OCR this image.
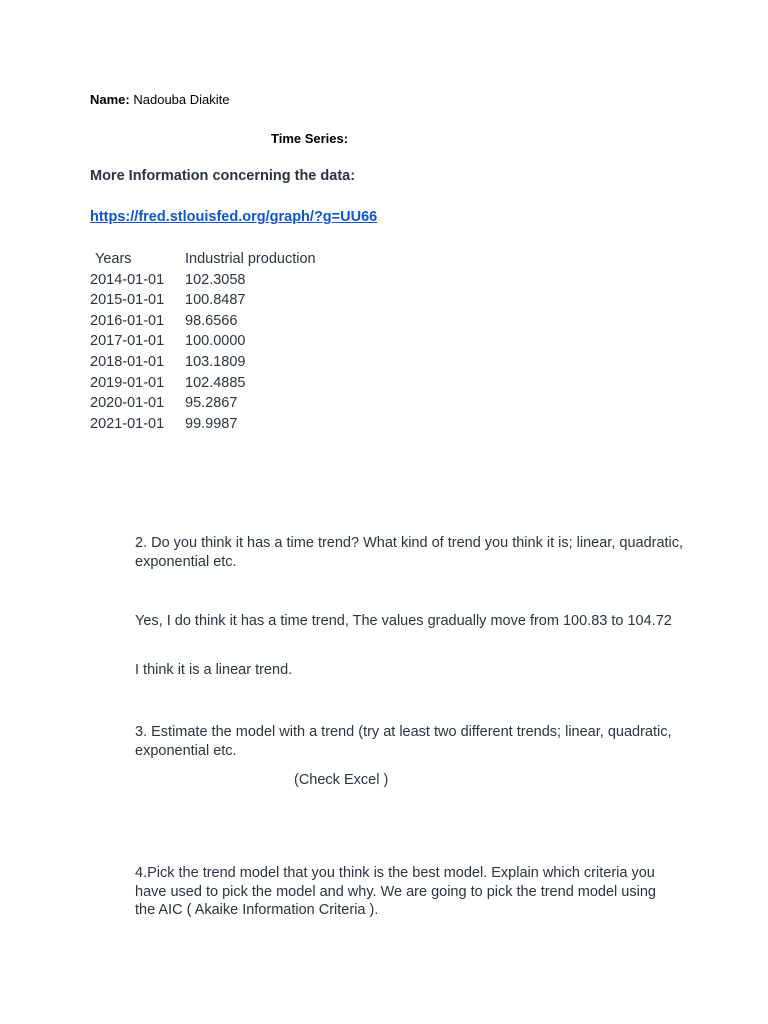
Name: Nadouba Diakite
Time Series:
More Information concerning the data:
https://fred.stlouisfed.org/graph/?g=UU66
Years	Industrial production
2014-01-01	102.3058
2015-01-01	100.8487
2016-01-01	98.6566
2017-01-01	100.0000
2018-01-01	103.1809
2019-01-01	102.4885
2020-01-01	95.2867
2021-01-01	99.9987

2. Do you think it has a time trend? What kind of trend you think it is; linear, quadratic, exponential etc.

Yes, I do think it has a time trend, The values gradually move from 100.83 to 104.72

I think it is a linear trend.

3. Estimate the model with a trend (try at least two different trends; linear, quadratic, exponential etc.

(Check Excel )

4.Pick the trend model that you think is the best model. Explain which criteria you have used to pick the model and why. We are going to pick the trend model using the AIC ( Akaike Information Criteria ).
